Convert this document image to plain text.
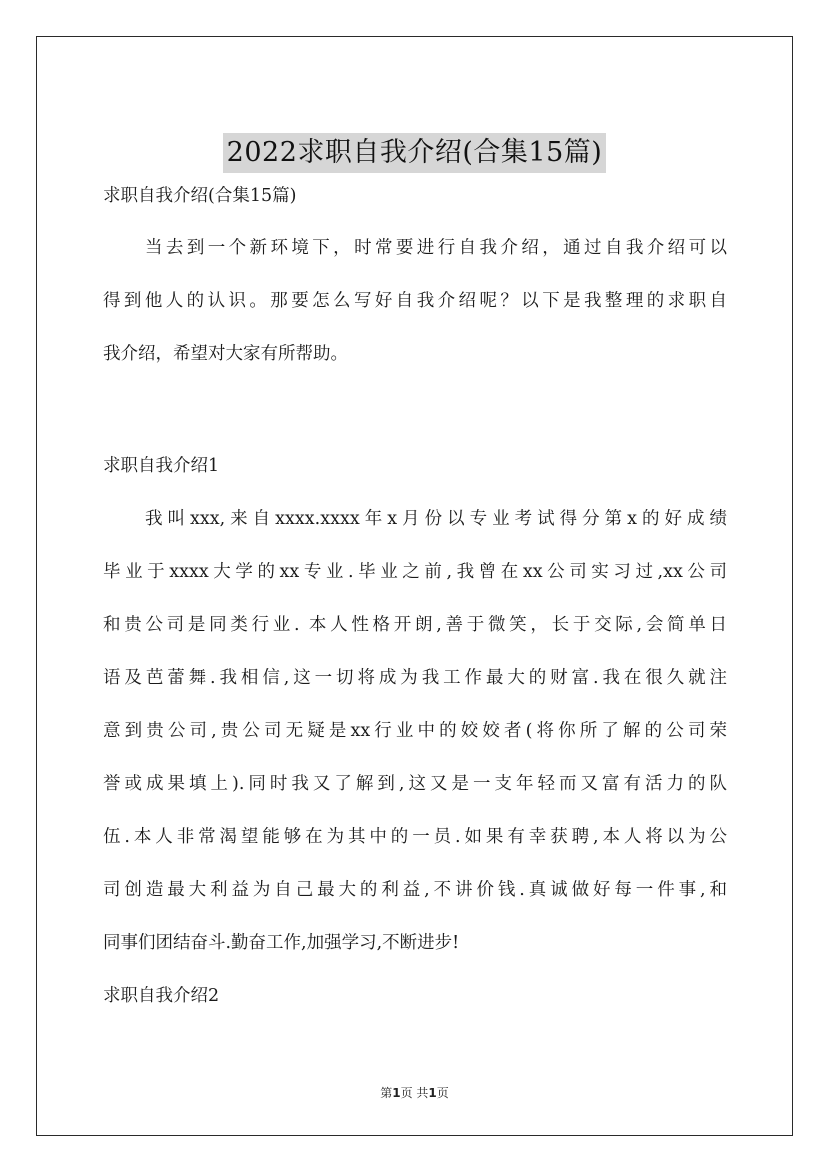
2022求职自我介绍(合集15篇)
求职自我介绍(合集15篇)
当去到一个新环境下，时常要进行自我介绍，通过自我介绍可以
得到他人的认识。那要怎么写好自我介绍呢？以下是我整理的求职自
我介绍，希望对大家有所帮助。
求职自我介绍1
我叫xxx,来自xxxx.xxxx年x月份以专业考试得分第x的好成绩
毕业于xxxx大学的xx专业.毕业之前,我曾在xx公司实习过,xx公司
和贵公司是同类行业. 本人性格开朗,善于微笑，长于交际,会简单日
语及芭蕾舞.我相信,这一切将成为我工作最大的财富.我在很久就注
意到贵公司,贵公司无疑是xx行业中的姣姣者(将你所了解的公司荣
誉或成果填上).同时我又了解到,这又是一支年轻而又富有活力的队
伍.本人非常渴望能够在为其中的一员.如果有幸获聘,本人将以为公
司创造最大利益为自己最大的利益,不讲价钱.真诚做好每一件事,和
同事们团结奋斗.勤奋工作,加强学习,不断进步!
求职自我介绍2
第1页 共1页
